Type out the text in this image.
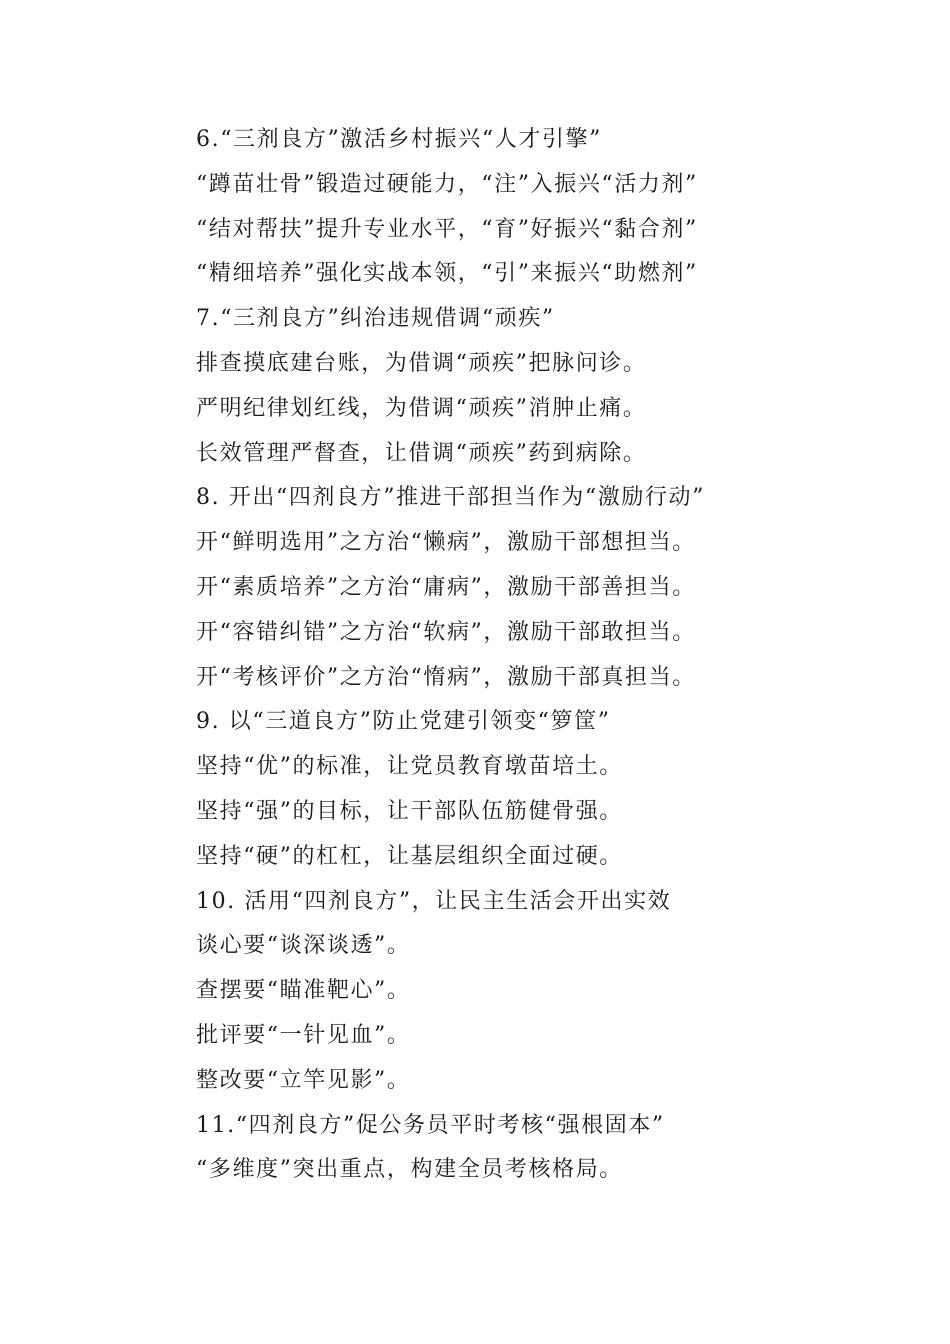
6.“三剂良方”激活乡村振兴“人才引擎”
“蹲苗壮骨”锻造过硬能力，“注”入振兴“活力剂”
“结对帮扶”提升专业水平，“育”好振兴“黏合剂”
“精细培养”强化实战本领，“引”来振兴“助燃剂”
7.“三剂良方”纠治违规借调“顽疾”
排查摸底建台账，为借调“顽疾”把脉问诊。
严明纪律划红线，为借调“顽疾”消肿止痛。
长效管理严督查，让借调“顽疾”药到病除。
8. 开出“四剂良方”推进干部担当作为“激励行动”
开“鲜明选用”之方治“懒病”，激励干部想担当。
开“素质培养”之方治“庸病”，激励干部善担当。
开“容错纠错”之方治“软病”，激励干部敢担当。
开“考核评价”之方治“惰病”，激励干部真担当。
9. 以“三道良方”防止党建引领变“箩筐”
坚持“优”的标准，让党员教育墩苗培土。
坚持“强”的目标，让干部队伍筋健骨强。
坚持“硬”的杠杠，让基层组织全面过硬。
10. 活用“四剂良方”，让民主生活会开出实效
谈心要“谈深谈透”。
查摆要“瞄准靶心”。
批评要“一针见血”。
整改要“立竿见影”。
11.“四剂良方”促公务员平时考核“强根固本”
“多维度”突出重点，构建全员考核格局。
